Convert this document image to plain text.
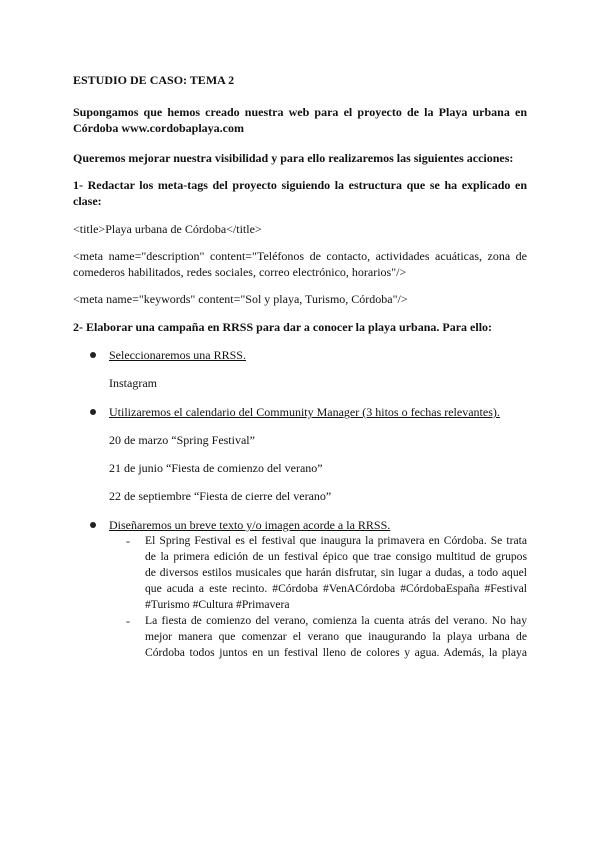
ESTUDIO DE CASO: TEMA 2
Supongamos que hemos creado nuestra web para el proyecto de la Playa urbana en
Córdoba www.cordobaplaya.com
Queremos mejorar nuestra visibilidad y para ello realizaremos las siguientes acciones:
1- Redactar los meta-tags del proyecto siguiendo la estructura que se ha explicado en
clase:
<title>Playa urbana de Córdoba</title>
<meta name="description" content="Teléfonos de contacto, actividades acuáticas, zona de
comederos habilitados, redes sociales, correo electrónico, horarios"/>
<meta name="keywords" content="Sol y playa, Turismo, Córdoba"/>
2- Elaborar una campaña en RRSS para dar a conocer la playa urbana. Para ello:
Seleccionaremos una RRSS.
Instagram
Utilizaremos el calendario del Community Manager (3 hitos o fechas relevantes).
20 de marzo “Spring Festival”
21 de junio “Fiesta de comienzo del verano”
22 de septiembre “Fiesta de cierre del verano”
Diseñaremos un breve texto y/o imagen acorde a la RRSS.
- El Spring Festival es el festival que inaugura la primavera en Córdoba. Se trata
de la primera edición de un festival épico que trae consigo multitud de grupos
de diversos estilos musicales que harán disfrutar, sin lugar a dudas, a todo aquel
que acuda a este recinto. #Córdoba #VenACórdoba #CórdobaEspaña #Festival
#Turismo #Cultura #Primavera
- La fiesta de comienzo del verano, comienza la cuenta atrás del verano. No hay
mejor manera que comenzar el verano que inaugurando la playa urbana de
Córdoba todos juntos en un festival lleno de colores y agua. Además, la playa
